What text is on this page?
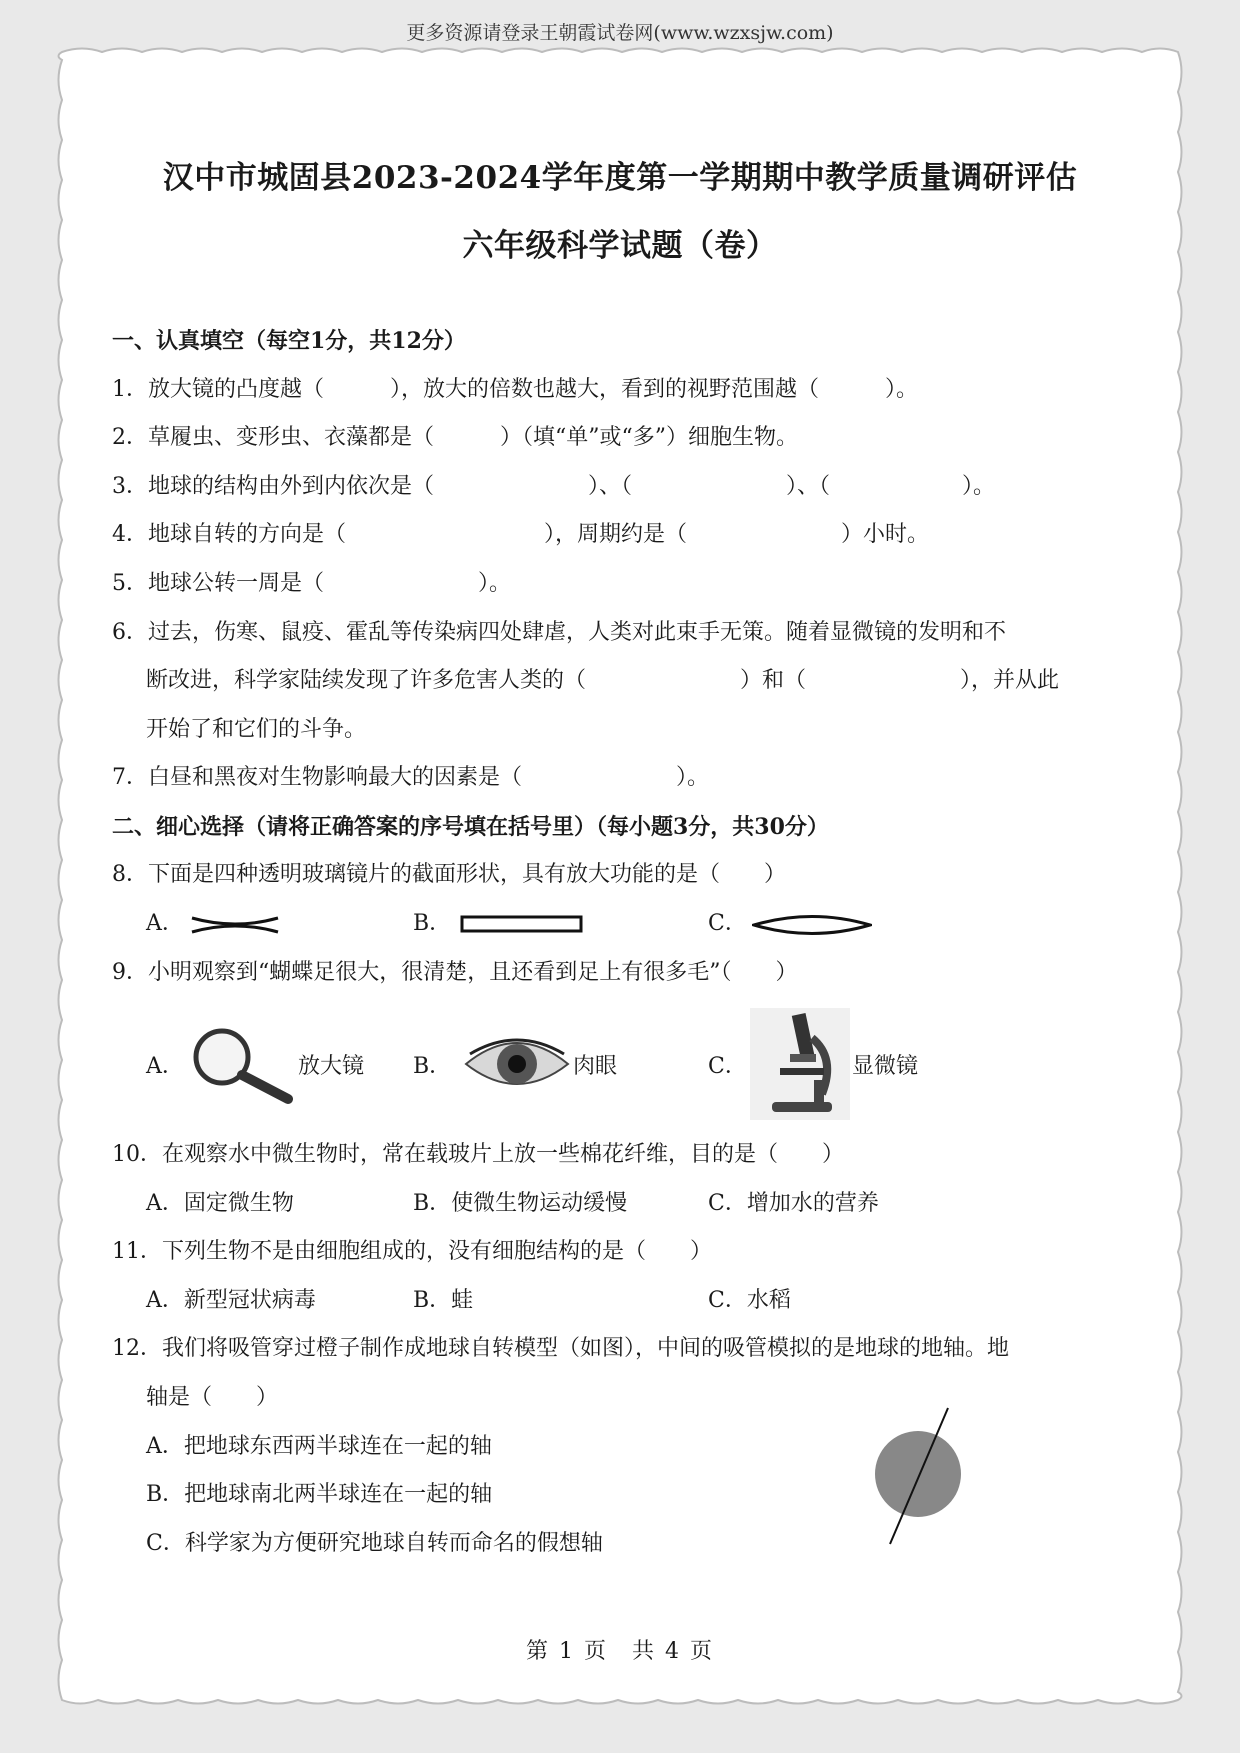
更多资源请登录王朝霞试卷网(www.wzxsjw.com)
汉中市城固县2023-2024学年度第一学期期中教学质量调研评估
六年级科学试题（卷）
一、认真填空（每空1分，共12分）
1．放大镜的凸度越（　　　），放大的倍数也越大，看到的视野范围越（　　　）。
2．草履虫、变形虫、衣藻都是（　　　）（填“单”或“多”）细胞生物。
3．地球的结构由外到内依次是（　　　　　　　）、（　　　　　　　）、（　　　　　　）。
4．地球自转的方向是（　　　　　　　　　），周期约是（　　　　　　　）小时。
5．地球公转一周是（　　　　　　　）。
6．过去，伤寒、鼠疫、霍乱等传染病四处肆虐，人类对此束手无策。随着显微镜的发明和不
断改进，科学家陆续发现了许多危害人类的（　　　　　　　）和（　　　　　　　），并从此
开始了和它们的斗争。
7．白昼和黑夜对生物影响最大的因素是（　　　　　　　）。
二、细心选择（请将正确答案的序号填在括号里）（每小题3分，共30分）
8．下面是四种透明玻璃镜片的截面形状，具有放大功能的是（　　）
A．	B．	C．
9．小明观察到“蝴蝶足很大，很清楚，且还看到足上有很多毛”（　　）
A．	放大镜 B．	肉眼	C．	显微镜
10．在观察水中微生物时，常在载玻片上放一些棉花纤维，目的是（　　）
A．固定微生物	B．使微生物运动缓慢	C．增加水的营养
11．下列生物不是由细胞组成的，没有细胞结构的是（　　）
A．新型冠状病毒	B．蛙	C．水稻
12．我们将吸管穿过橙子制作成地球自转模型（如图），中间的吸管模拟的是地球的地轴。地
轴是（　　）
A．把地球东西两半球连在一起的轴
B．把地球南北两半球连在一起的轴
C．科学家为方便研究地球自转而命名的假想轴
第 1 页　共 4 页
